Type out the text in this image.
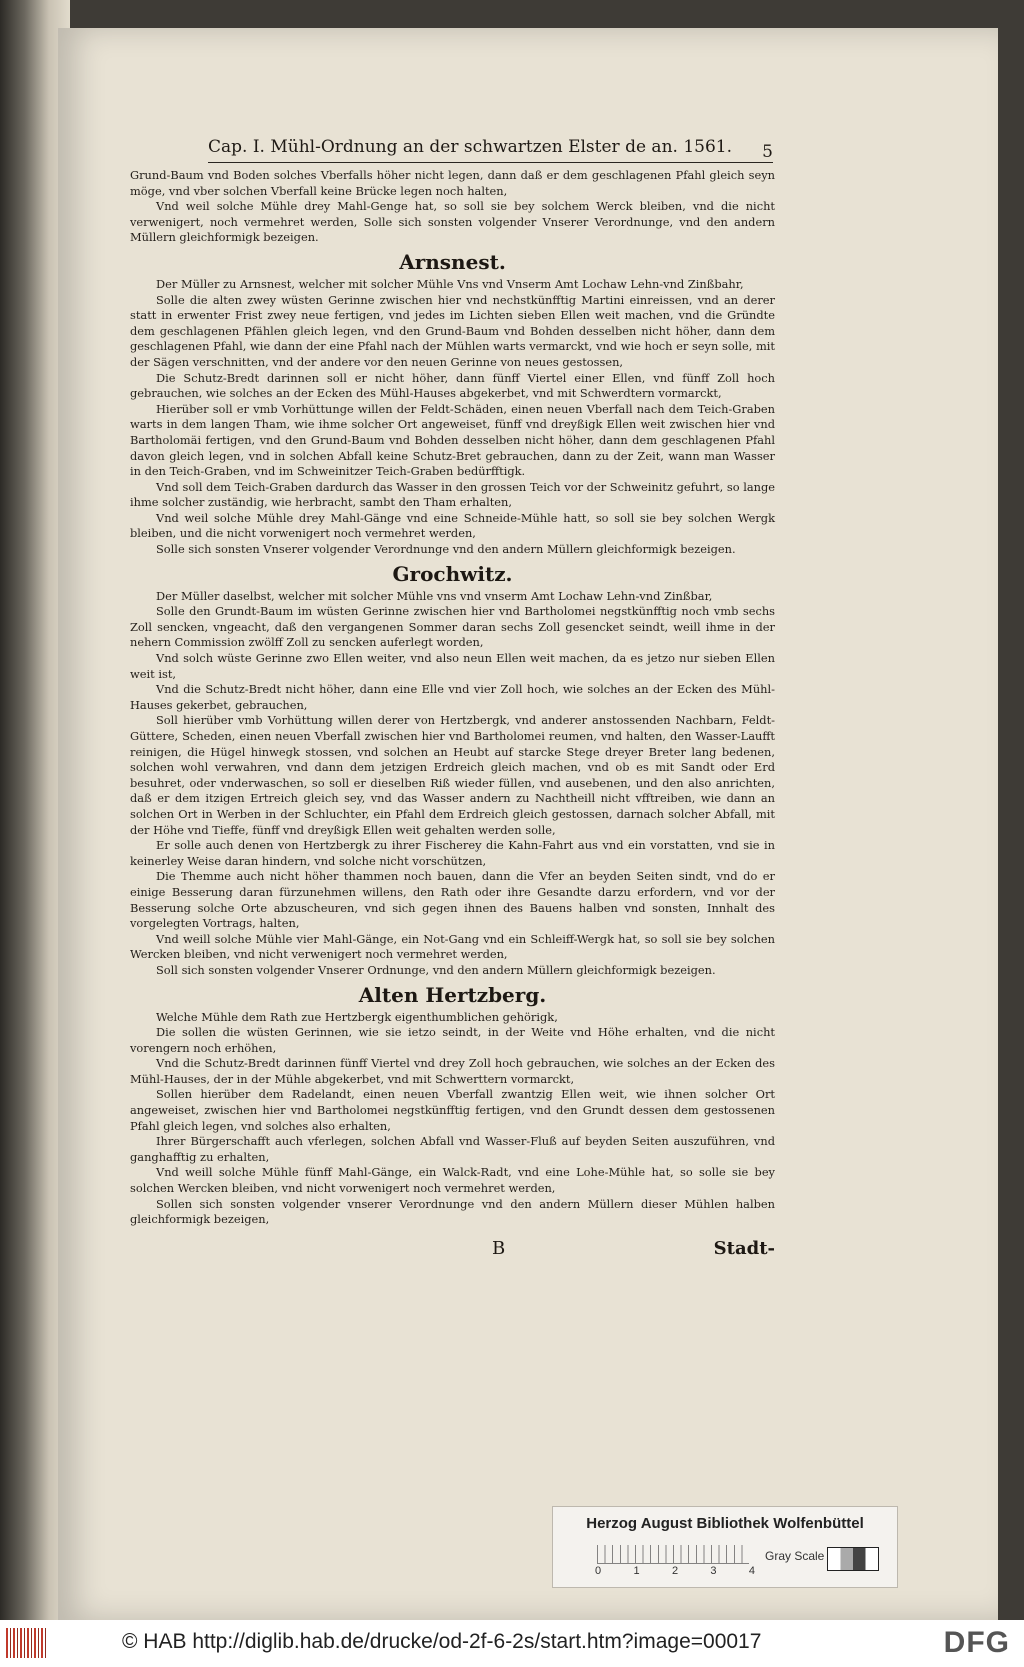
Cap. I. Mühl-Ordnung an der schwartzen Elster de an. 1561. 5

Grund-Baum vnd Boden solches Vberfalls höher nicht legen, dann daß er dem geschlagenen Pfahl gleich seyn möge, vnd vber solchen Vberfall keine Brücke legen noch halten,

Vnd weil solche Mühle drey Mahl-Genge hat, so soll sie bey solchem Werck bleiben, vnd die nicht verwenigert, noch vermehret werden, Solle sich sonsten volgender Vnserer Verordnunge, vnd den andern Müllern gleichformigk bezeigen.

Arnsnest.

Der Müller zu Arnsnest, welcher mit solcher Mühle Vns vnd Vnserm Amt Lochaw Lehn-vnd Zinßbahr,

Solle die alten zwey wüsten Gerinne zwischen hier vnd nechstkünfftig Martini einreissen, vnd an derer statt in erwenter Frist zwey neue fertigen, vnd jedes im Lichten sieben Ellen weit machen, vnd die Gründte dem geschlagenen Pfählen gleich legen, vnd den Grund-Baum vnd Bohden desselben nicht höher, dann dem geschlagenen Pfahl, wie dann der eine Pfahl nach der Mühlen warts vermarckt, vnd wie hoch er seyn solle, mit der Sägen verschnitten, vnd der andere vor den neuen Gerinne von neues gestossen,

Die Schutz-Bredt darinnen soll er nicht höher, dann fünff Viertel einer Ellen, vnd fünff Zoll hoch gebrauchen, wie solches an der Ecken des Mühl-Hauses abgekerbet, vnd mit Schwerdtern vormarckt,

Hierüber soll er vmb Vorhüttunge willen der Feldt-Schäden, einen neuen Vberfall nach dem Teich-Graben warts in dem langen Tham, wie ihme solcher Ort angeweiset, fünff vnd dreyßigk Ellen weit zwischen hier vnd Bartholomäi fertigen, vnd den Grund-Baum vnd Bohden desselben nicht höher, dann dem geschlagenen Pfahl davon gleich legen, vnd in solchen Abfall keine Schutz-Bret gebrauchen, dann zu der Zeit, wann man Wasser in den Teich-Graben, vnd im Schweinitzer Teich-Graben bedürfftigk.

Vnd soll dem Teich-Graben dardurch das Wasser in den grossen Teich vor der Schweinitz gefuhrt, so lange ihme solcher zuständig, wie herbracht, sambt den Tham erhalten,

Vnd weil solche Mühle drey Mahl-Gänge vnd eine Schneide-Mühle hatt, so soll sie bey solchen Wergk bleiben, und die nicht vorwenigert noch vermehret werden,

Solle sich sonsten Vnserer volgender Verordnunge vnd den andern Müllern gleichformigk bezeigen.

Grochwitz.

Der Müller daselbst, welcher mit solcher Mühle vns vnd vnserm Amt Lochaw Lehn-vnd Zinßbar,

Solle den Grundt-Baum im wüsten Gerinne zwischen hier vnd Bartholomei negstkünfftig noch vmb sechs Zoll sencken, vngeacht, daß den vergangenen Sommer daran sechs Zoll gesencket seindt, weill ihme in der nehern Commission zwölff Zoll zu sencken auferlegt worden,

Vnd solch wüste Gerinne zwo Ellen weiter, vnd also neun Ellen weit machen, da es jetzo nur sieben Ellen weit ist,

Vnd die Schutz-Bredt nicht höher, dann eine Elle vnd vier Zoll hoch, wie solches an der Ecken des Mühl-Hauses gekerbet, gebrauchen,

Soll hierüber vmb Vorhüttung willen derer von Hertzbergk, vnd anderer anstossenden Nachbarn, Feldt-Güttere, Scheden, einen neuen Vberfall zwischen hier vnd Bartholomei reumen, vnd halten, den Wasser-Laufft reinigen, die Hügel hinwegk stossen, vnd solchen an Heubt auf starcke Stege dreyer Breter lang bedenen, solchen wohl verwahren, vnd dann dem jetzigen Erdreich gleich machen, vnd ob es mit Sandt oder Erd besuhret, oder vnderwaschen, so soll er dieselben Riß wieder füllen, vnd ausebenen, und den also anrichten, daß er dem itzigen Ertreich gleich sey, vnd das Wasser andern zu Nachtheill nicht vfftreiben, wie dann an solchen Ort in Werben in der Schluchter, ein Pfahl dem Erdreich gleich gestossen, darnach solcher Abfall, mit der Höhe vnd Tieffe, fünff vnd dreyßigk Ellen weit gehalten werden solle,

Er solle auch denen von Hertzbergk zu ihrer Fischerey die Kahn-Fahrt aus vnd ein vorstatten, vnd sie in keinerley Weise daran hindern, vnd solche nicht vorschützen,

Die Themme auch nicht höher thammen noch bauen, dann die Vfer an beyden Seiten sindt, vnd do er einige Besserung daran fürzunehmen willens, den Rath oder ihre Gesandte darzu erfordern, vnd vor der Besserung solche Orte abzuscheuren, vnd sich gegen ihnen des Bauens halben vnd sonsten, Innhalt des vorgelegten Vortrags, halten,

Vnd weill solche Mühle vier Mahl-Gänge, ein Not-Gang vnd ein Schleiff-Wergk hat, so soll sie bey solchen Wercken bleiben, vnd nicht verwenigert noch vermehret werden,

Soll sich sonsten volgender Vnserer Ordnunge, vnd den andern Müllern gleichformigk bezeigen.

Alten Hertzberg.

Welche Mühle dem Rath zue Hertzbergk eigenthumblichen gehörigk,

Die sollen die wüsten Gerinnen, wie sie ietzo seindt, in der Weite vnd Höhe erhalten, vnd die nicht vorengern noch erhöhen,

Vnd die Schutz-Bredt darinnen fünff Viertel vnd drey Zoll hoch gebrauchen, wie solches an der Ecken des Mühl-Hauses, der in der Mühle abgekerbet, vnd mit Schwerttern vormarckt,

Sollen hierüber dem Radelandt, einen neuen Vberfall zwantzig Ellen weit, wie ihnen solcher Ort angeweiset, zwischen hier vnd Bartholomei negstkünfftig fertigen, vnd den Grundt dessen dem gestossenen Pfahl gleich legen, vnd solches also erhalten,

Ihrer Bürgerschafft auch vferlegen, solchen Abfall vnd Wasser-Fluß auf beyden Seiten auszuführen, vnd ganghafftig zu erhalten,

Vnd weill solche Mühle fünff Mahl-Gänge, ein Walck-Radt, vnd eine Lohe-Mühle hat, so solle sie bey solchen Wercken bleiben, vnd nicht vorwenigert noch vermehret werden,

Sollen sich sonsten volgender vnserer Verordnunge vnd den andern Müllern dieser Mühlen halben gleichformigk bezeigen,

B	Stadt-
Herzog August Bibliothek Wolfenbüttel
0	1	2	3	4
Gray Scale
© HAB http://diglib.hab.de/drucke/od-2f-6-2s/start.htm?image=00017	DFG
